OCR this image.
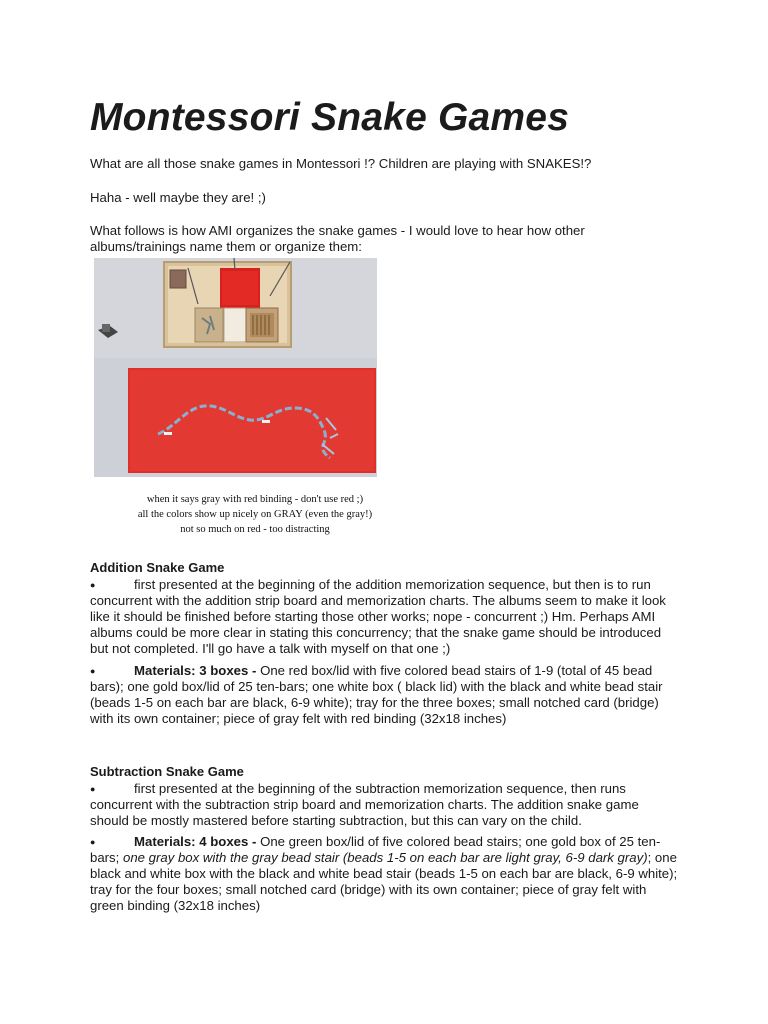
Montessori Snake Games

What are all those snake games in Montessori !? Children are playing with SNAKES!?

Haha - well maybe they are! ;)

What follows is how AMI organizes the snake games - I would love to hear how other albums/trainings name them or organize them:

when it says gray with red binding - don't use red ;)
all the colors show up nicely on GRAY (even the gray!)
not so much on red - too distracting
Addition Snake Game

●	first presented at the beginning of the addition memorization sequence, but then is to run concurrent with the addition strip board and memorization charts. The albums seem to make it look like it should be finished before starting those other works; nope - concurrent ;) Hm. Perhaps AMI albums could be more clear in stating this concurrency; that the snake game should be introduced but not completed. I'll go have a talk with myself on that one ;)

●	Materials: 3 boxes - One red box/lid with five colored bead stairs of 1-9 (total of 45 bead bars); one gold box/lid of 25 ten-bars; one white box ( black lid) with the black and white bead stair (beads 1-5 on each bar are black, 6-9 white); tray for the three boxes; small notched card (bridge) with its own container; piece of gray felt with red binding (32x18 inches)

Subtraction Snake Game

●	first presented at the beginning of the subtraction memorization sequence, then runs concurrent with the subtraction strip board and memorization charts. The addition snake game should be mostly mastered before starting subtraction, but this can vary on the child.

●	Materials: 4 boxes - One green box/lid of five colored bead stairs; one gold box of 25 ten-bars; one gray box with the gray bead stair (beads 1-5 on each bar are light gray, 6-9 dark gray); one black and white box with the black and white bead stair (beads 1-5 on each bar are black, 6-9 white); tray for the four boxes; small notched card (bridge) with its own container; piece of gray felt with green binding (32x18 inches)
